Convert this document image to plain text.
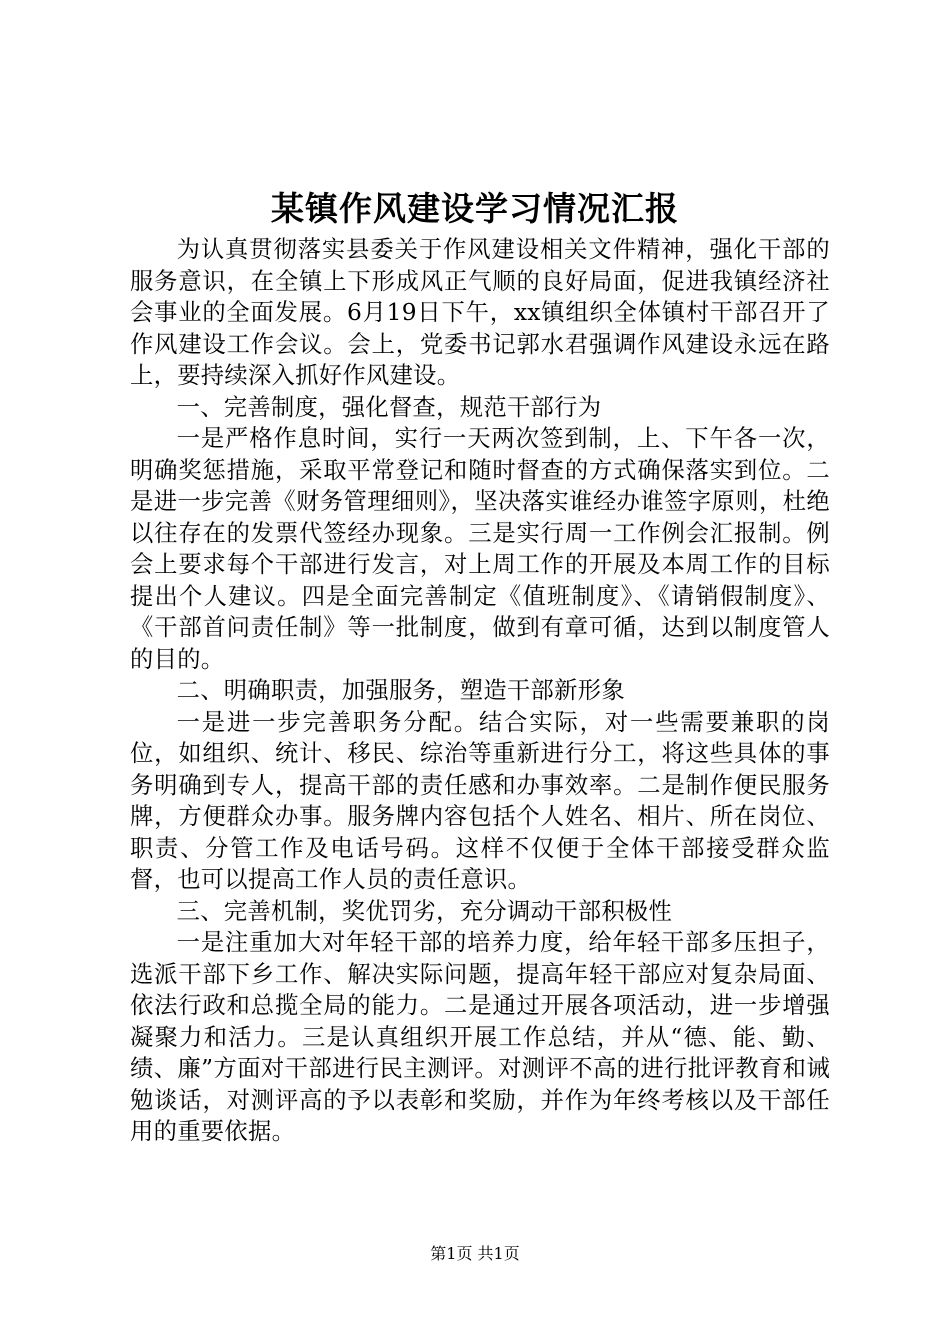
某镇作风建设学习情况汇报

为认真贯彻落实县委关于作风建设相关文件精神，强化干部的服务意识，在全镇上下形成风正气顺的良好局面，促进我镇经济社会事业的全面发展。6月19日下午，xx镇组织全体镇村干部召开了作风建设工作会议。会上，党委书记郭水君强调作风建设永远在路上，要持续深入抓好作风建设。

一、完善制度，强化督查，规范干部行为

一是严格作息时间，实行一天两次签到制，上、下午各一次，明确奖惩措施，采取平常登记和随时督查的方式确保落实到位。二是进一步完善《财务管理细则》，坚决落实谁经办谁签字原则，杜绝以往存在的发票代签经办现象。三是实行周一工作例会汇报制。例会上要求每个干部进行发言，对上周工作的开展及本周工作的目标提出个人建议。四是全面完善制定《值班制度》、《请销假制度》、《干部首问责任制》等一批制度，做到有章可循，达到以制度管人的目的。

二、明确职责，加强服务，塑造干部新形象

一是进一步完善职务分配。结合实际，对一些需要兼职的岗位，如组织、统计、移民、综治等重新进行分工，将这些具体的事务明确到专人，提高干部的责任感和办事效率。二是制作便民服务牌，方便群众办事。服务牌内容包括个人姓名、相片、所在岗位、职责、分管工作及电话号码。这样不仅便于全体干部接受群众监督，也可以提高工作人员的责任意识。

三、完善机制，奖优罚劣，充分调动干部积极性

一是注重加大对年轻干部的培养力度，给年轻干部多压担子，选派干部下乡工作、解决实际问题，提高年轻干部应对复杂局面、依法行政和总揽全局的能力。二是通过开展各项活动，进一步增强凝聚力和活力。三是认真组织开展工作总结，并从“德、能、勤、绩、廉”方面对干部进行民主测评。对测评不高的进行批评教育和诫勉谈话，对测评高的予以表彰和奖励，并作为年终考核以及干部任用的重要依据。

第1页 共1页
